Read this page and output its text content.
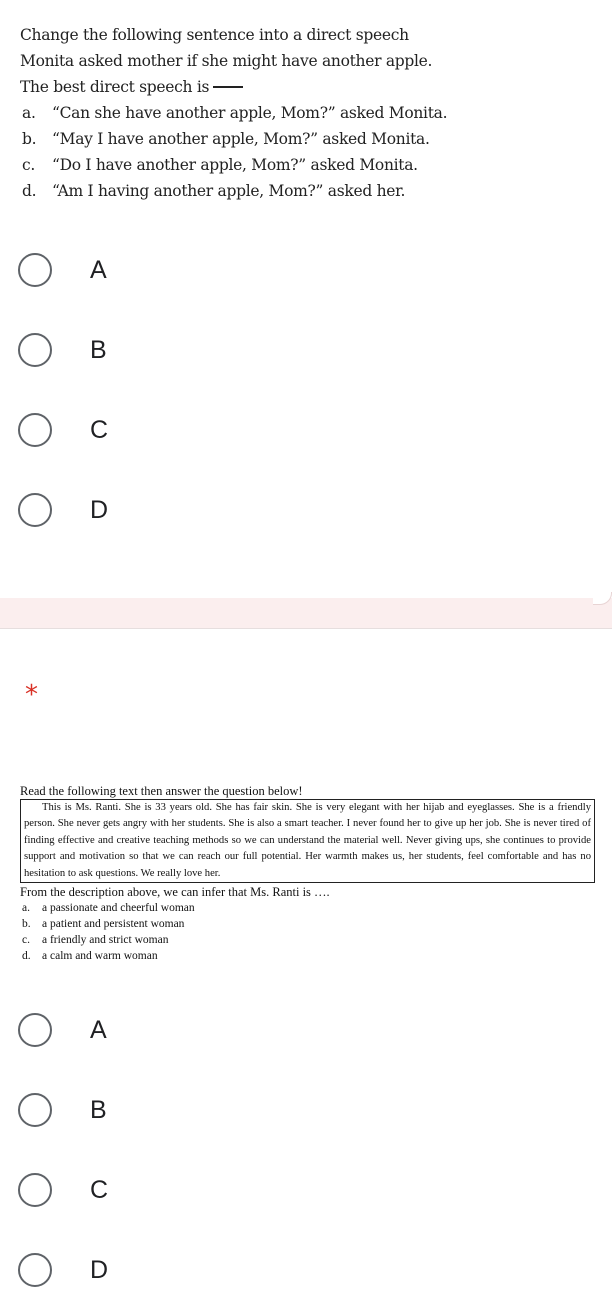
Change the following sentence into a direct speech
Monita asked mother if she might have another apple.
The best direct speech is
a.	“Can she have another apple, Mom?” asked Monita.
b.	“May I have another apple, Mom?” asked Monita.
c.	“Do I have another apple, Mom?” asked Monita.
d.	“Am I having another apple, Mom?” asked her.
A
B
C
D
*
Read the following text then answer the question below!

This is Ms. Ranti. She is 33 years old. She has fair skin. She is very elegant with her hijab and eyeglasses. She is a friendly person. She never gets angry with her students. She is also a smart teacher. I never found her to give up her job. She is never tired of finding effective and creative teaching methods so we can understand the material well. Never giving ups, she continues to provide support and motivation so that we can reach our full potential. Her warmth makes us, her students, feel comfortable and has no hesitation to ask questions. We really love her.

From the description above, we can infer that Ms. Ranti is ….
a.	a passionate and cheerful woman
b. a patient and persistent woman
c.	a friendly and strict woman
d. a calm and warm woman
A
B
C
D
